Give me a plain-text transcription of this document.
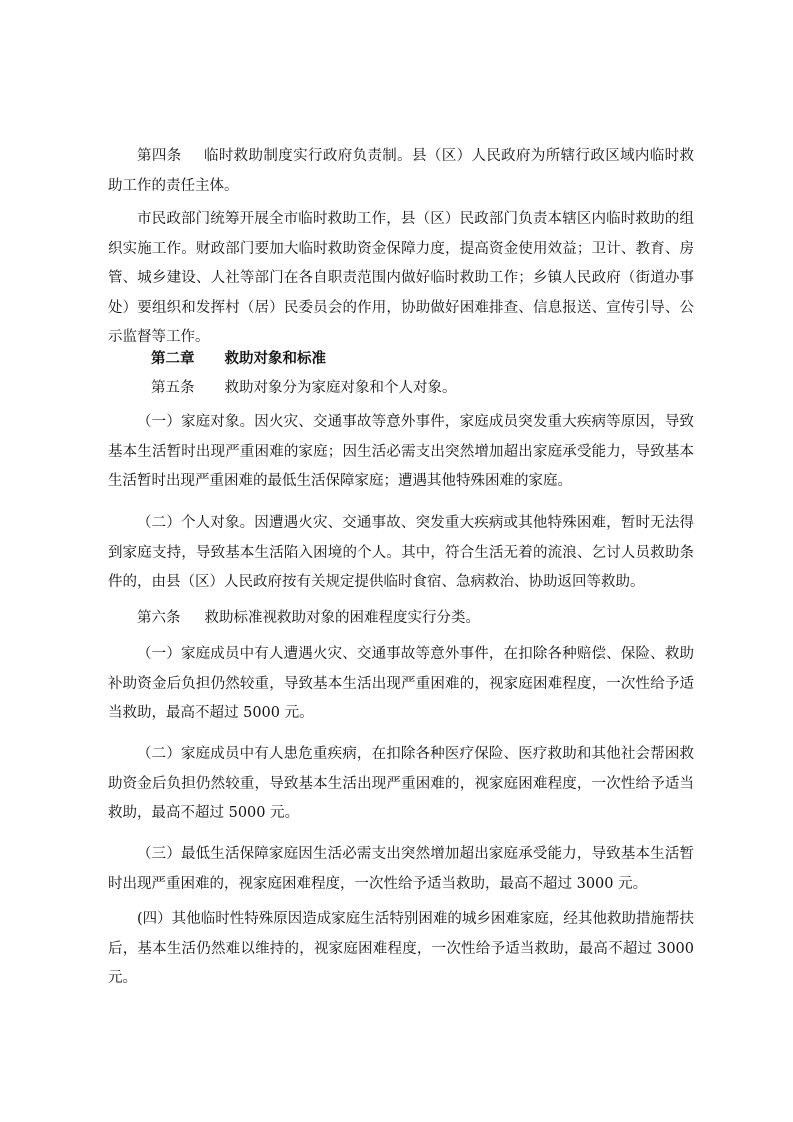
第四条 临时救助制度实行政府负责制。县（区）人民政府为所辖行政区域内临时救助工作的责任主体。

市民政部门统筹开展全市临时救助工作，县（区）民政部门负责本辖区内临时救助的组织实施工作。财政部门要加大临时救助资金保障力度，提高资金使用效益；卫计、教育、房管、城乡建设、人社等部门在各自职责范围内做好临时救助工作；乡镇人民政府（街道办事处）要组织和发挥村（居）民委员会的作用，协助做好困难排查、信息报送、宣传引导、公示监督等工作。

第二章 救助对象和标准

第五条 救助对象分为家庭对象和个人对象。

（一）家庭对象。因火灾、交通事故等意外事件，家庭成员突发重大疾病等原因，导致基本生活暂时出现严重困难的家庭；因生活必需支出突然增加超出家庭承受能力，导致基本生活暂时出现严重困难的最低生活保障家庭；遭遇其他特殊困难的家庭。

（二）个人对象。因遭遇火灾、交通事故、突发重大疾病或其他特殊困难，暂时无法得到家庭支持，导致基本生活陷入困境的个人。其中，符合生活无着的流浪、乞讨人员救助条件的，由县（区）人民政府按有关规定提供临时食宿、急病救治、协助返回等救助。

第六条 救助标准视救助对象的困难程度实行分类。

（一）家庭成员中有人遭遇火灾、交通事故等意外事件，在扣除各种赔偿、保险、救助补助资金后负担仍然较重，导致基本生活出现严重困难的，视家庭困难程度，一次性给予适当救助，最高不超过 5000 元。

（二）家庭成员中有人患危重疾病，在扣除各种医疗保险、医疗救助和其他社会帮困救助资金后负担仍然较重，导致基本生活出现严重困难的，视家庭困难程度，一次性给予适当救助，最高不超过 5000 元。

（三）最低生活保障家庭因生活必需支出突然增加超出家庭承受能力，导致基本生活暂时出现严重困难的，视家庭困难程度，一次性给予适当救助，最高不超过 3000 元。

(四）其他临时性特殊原因造成家庭生活特别困难的城乡困难家庭，经其他救助措施帮扶后，基本生活仍然难以维持的，视家庭困难程度，一次性给予适当救助，最高不超过 3000 元。
